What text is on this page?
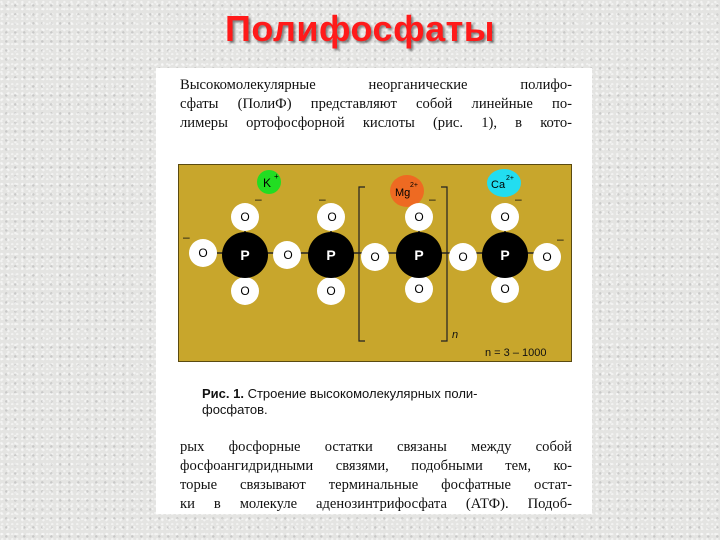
Полифосфаты

Высокомолекулярные неорганические полифо-
сфаты (ПолиФ) представляют собой линейные по-
лимеры ортофосфорной кислоты (рис. 1), в кото-

K +
Mg
2+	Ca
2+
O
O	O
O
O
O
O
O
O
O
O
O
O
P	P	P	P
–
–
–	–	–
–
n
n = 3 – 1000

Рис. 1. Строение высокомолекулярных поли-
фосфатов.

рых фосфорные остатки связаны между собой
фосфоангидридными связями, подобными тем, ко-
торые связывают терминальные фосфатные остат-
ки в молекуле аденозинтрифосфата (АТФ). Подоб-
